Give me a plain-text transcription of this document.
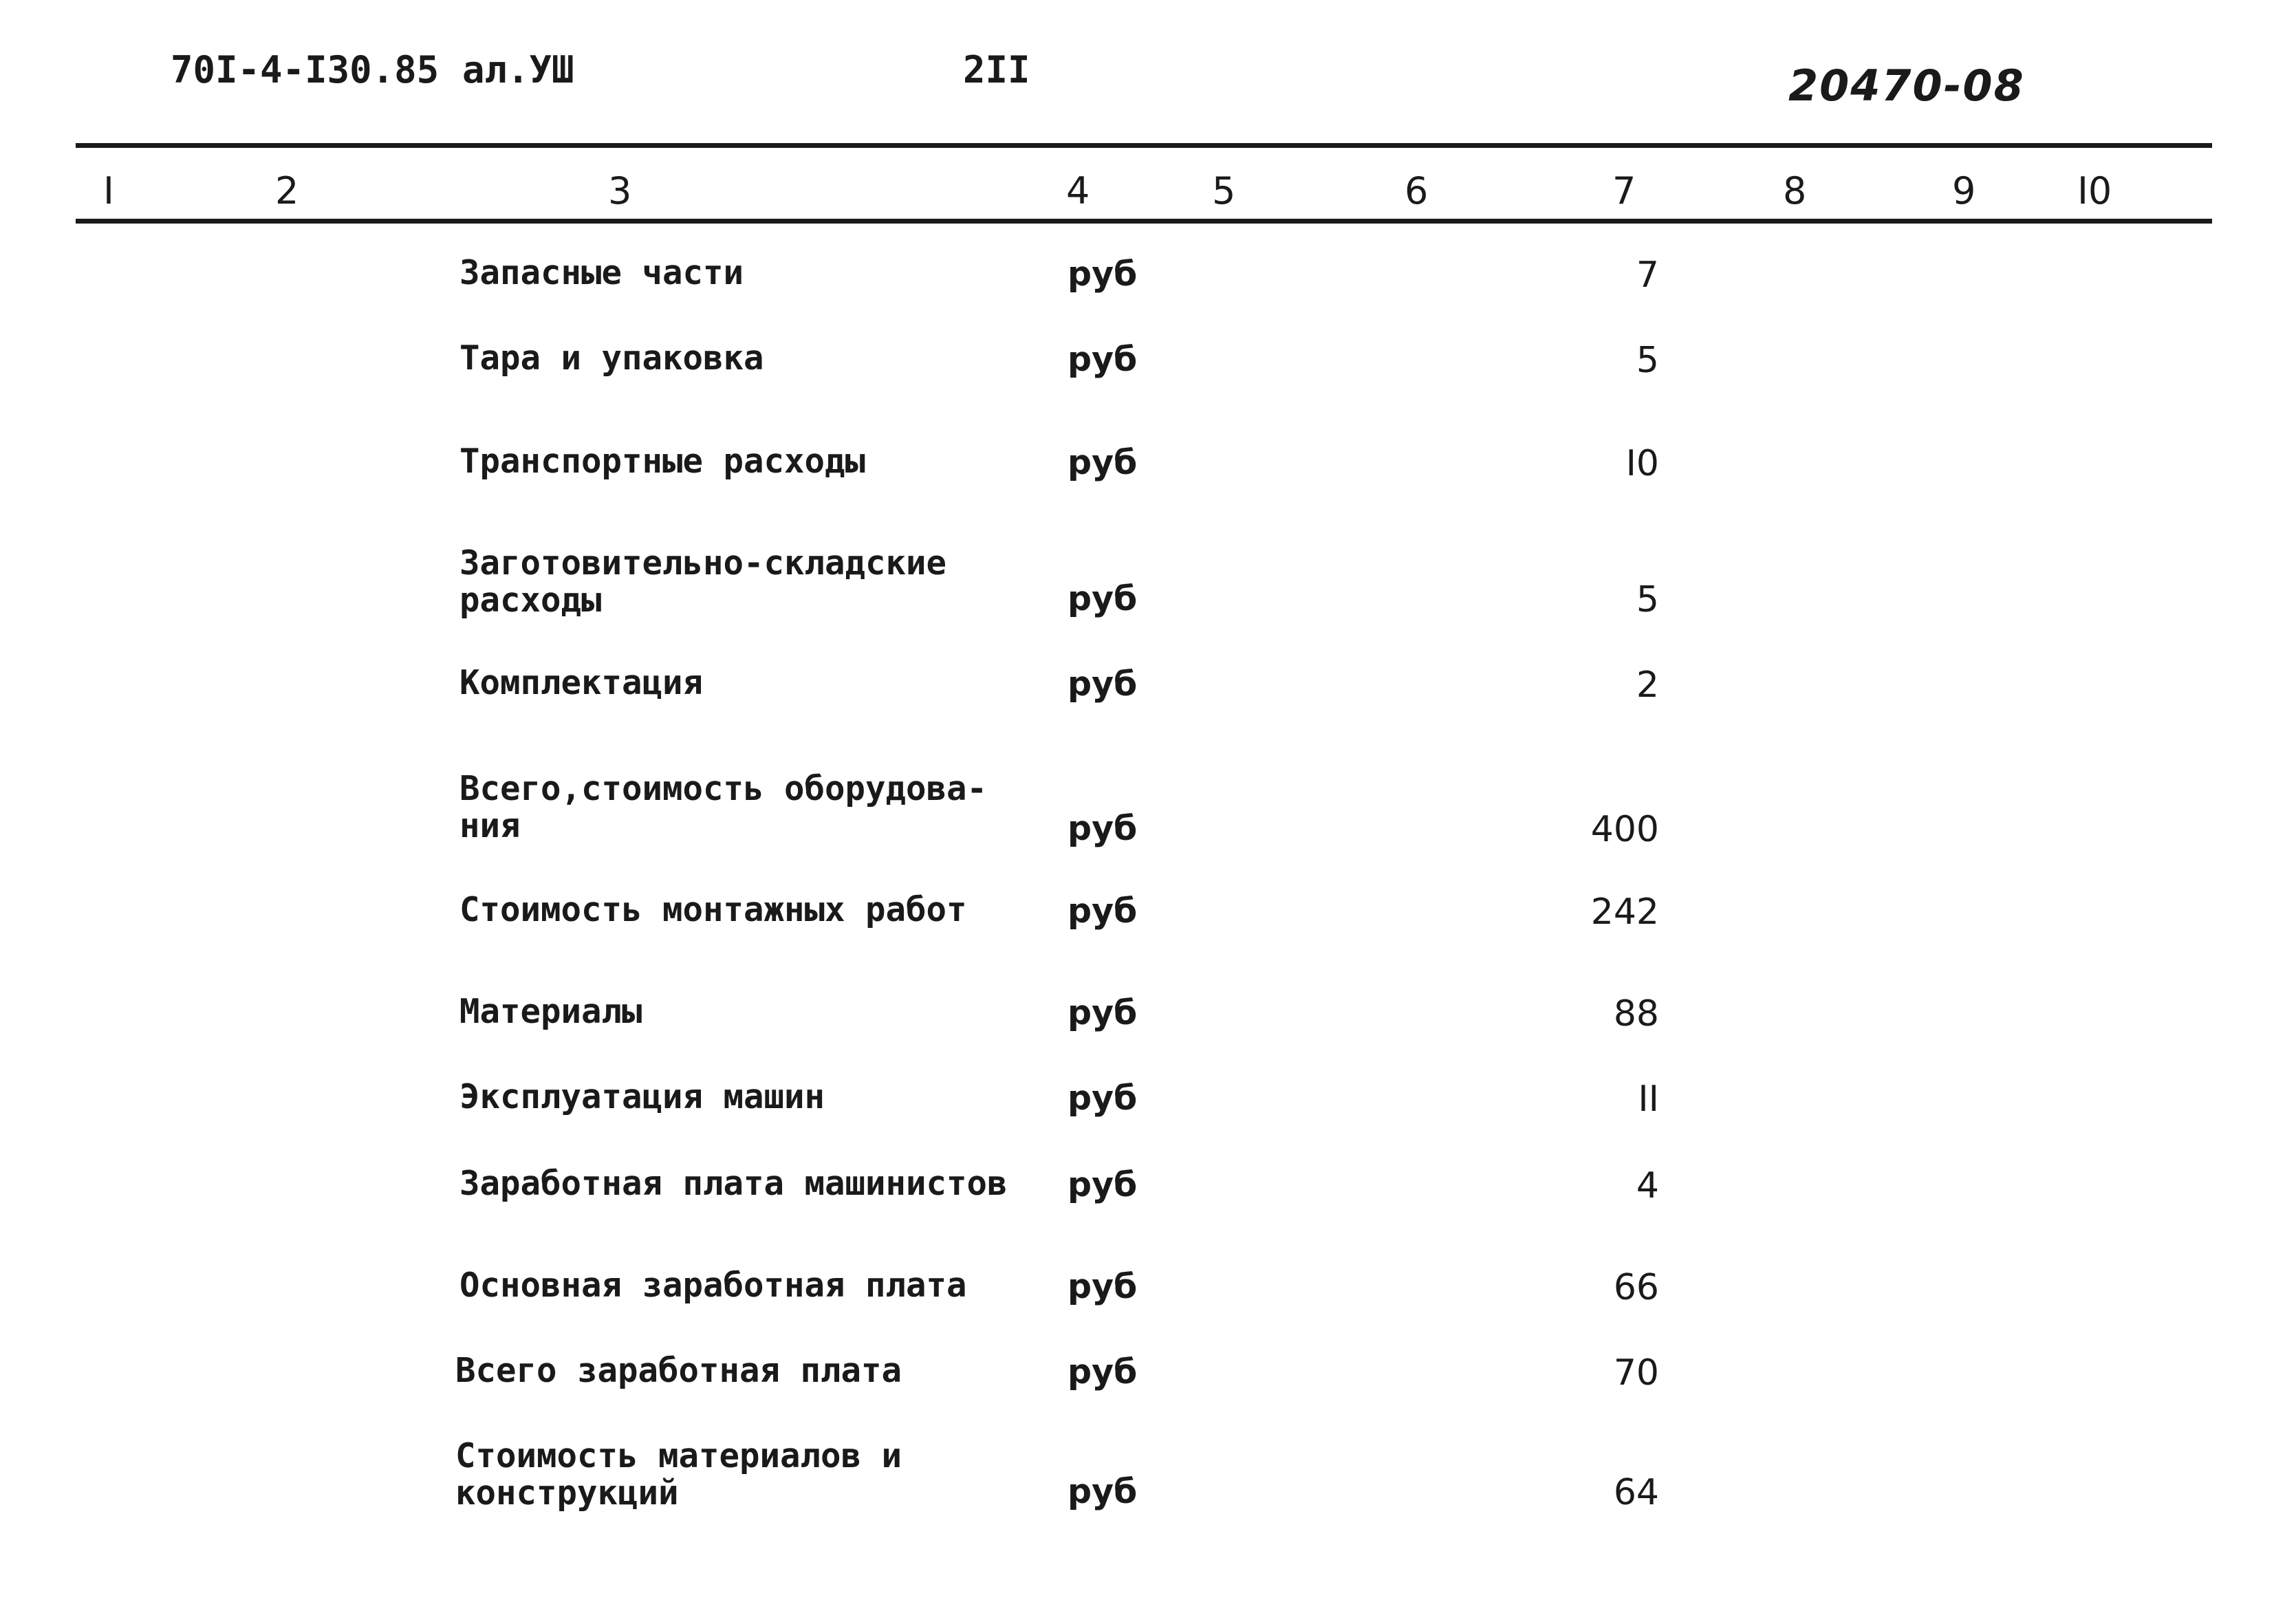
70I-4-I30.85 ал.УШ	2II	20470-08
I	2	3	4	5	6	7	8	9	I0
Запасные части	руб	7
Тара и упаковка	руб	5
Транспортные расходы	руб	I0
Заготовительно-складские расходы	руб	5
Комплектация	руб	2
Всего,стоимость оборудова-ния	руб	400
Стоимость монтажных работ	руб	242
Материалы	руб	88
Эксплуатация машин	руб	II
Заработная плата машинистов	руб	4
Основная заработная плата	руб	66
Всего заработная плата	руб	70
Стоимость материалов и конструкций	руб	64
